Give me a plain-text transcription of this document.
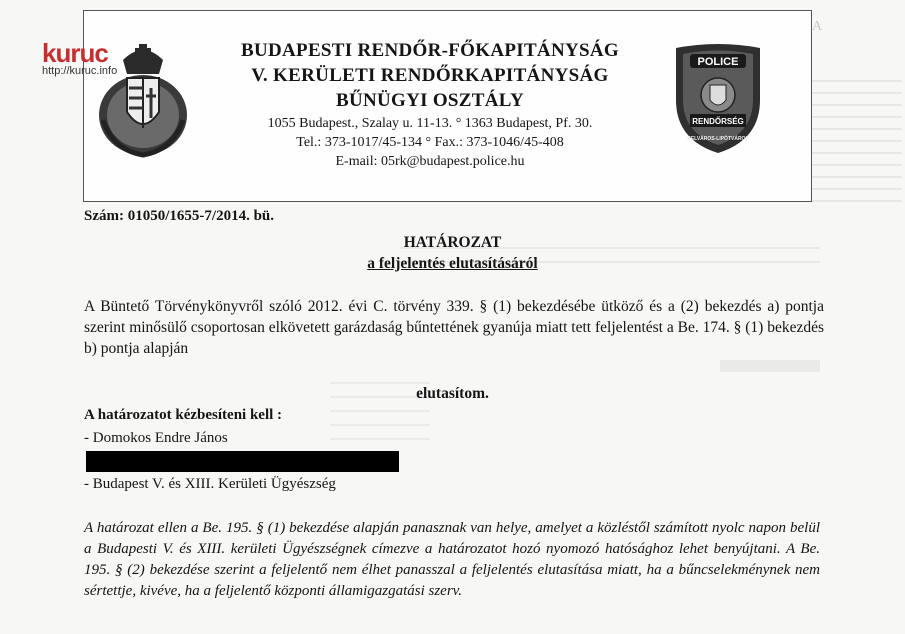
A
kuruc
http://kuruc.info
BUDAPESTI RENDŐR-FŐKAPITÁNYSÁG
V. KERÜLETI RENDŐRKAPITÁNYSÁG
BŰNÜGYI OSZTÁLY
1055 Budapest., Szalay u. 11-13. ° 1363 Budapest, Pf. 30.
Tel.: 373-1017/45-134 ° Fax.: 373-1046/45-408
E-mail: 05rk@budapest.police.hu
POLICE
RENDŐRSÉG
BELVÁROS-LIPÓTVÁROS
Szám: 01050/1655-7/2014. bü.
HATÁROZAT
a feljelentés elutasításáról
A Büntető Törvénykönyvről szóló 2012. évi C. törvény 339. § (1) bekezdésébe ütköző és a (2) bekezdés a) pontja szerint minősülő csoportosan elkövetett garázdaság bűntettének gyanúja miatt tett feljelentést a Be. 174. § (1) bekezdés b) pontja alapján
elutasítom.
A határozatot kézbesíteni kell :
- Domokos Endre János
- Budapest V. és XIII. Kerületi Ügyészség
A határozat ellen a Be. 195. § (1) bekezdése alapján panasznak van helye, amelyet a közléstől számított nyolc napon belül a Budapesti V. és XIII. kerületi Ügyészségnek címezve a határozatot hozó nyomozó hatósághoz lehet benyújtani. A Be. 195. § (2) bekezdése szerint a feljelentő nem élhet panasszal a feljelentés elutasítása miatt, ha a bűncselekménynek nem sértettje, kivéve, ha a feljelentő központi államigazgatási szerv.
